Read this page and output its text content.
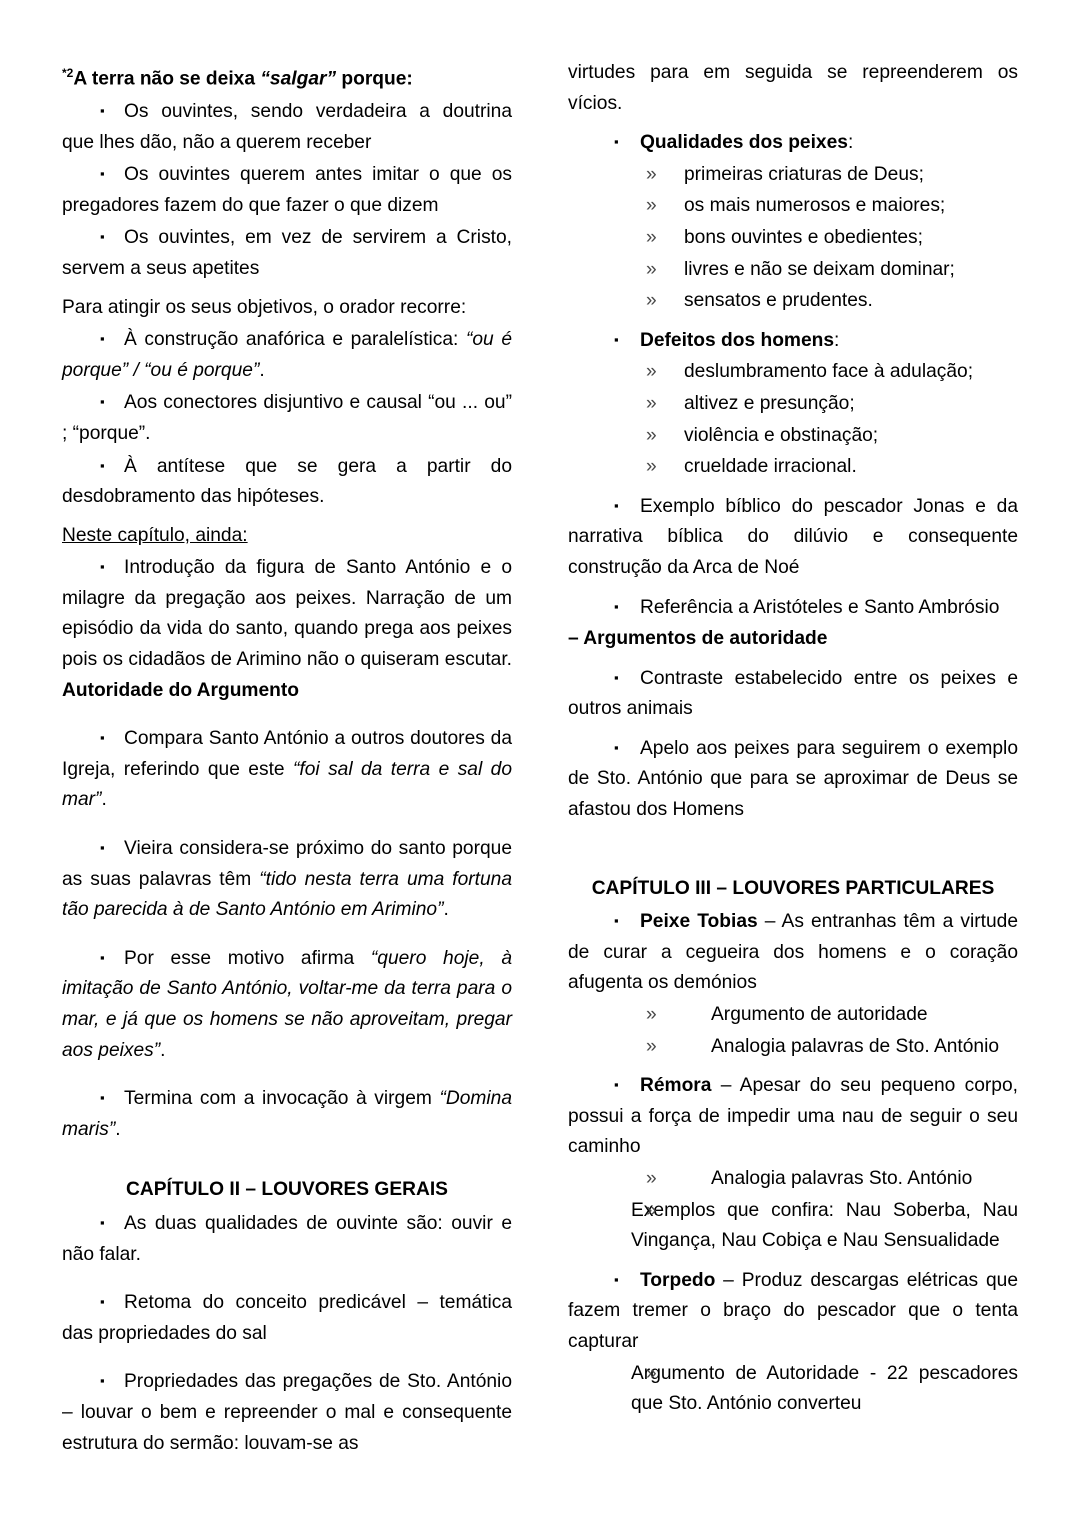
$^{*2}$A terra não se deixa “salgar” porque:
▪Os ouvintes, sendo verdadeira a doutrina que lhes dão, não a querem receber
▪Os ouvintes querem antes imitar o que os pregadores fazem do que fazer o que dizem
▪Os ouvintes, em vez de servirem a Cristo, servem a seus apetites
Para atingir os seus objetivos, o orador recorre:
▪À construção anafórica e paralelística: “ou é porque” / “ou é porque”.
▪Aos conectores disjuntivo e causal “ou ... ou” ; “porque”.
▪À antítese que se gera a partir do desdobramento das hipóteses.
Neste capítulo, ainda:
▪Introdução da figura de Santo António e o milagre da pregação aos peixes. Narração de um episódio da vida do santo, quando prega aos peixes pois os cidadãos de Arimino não o quiseram escutar. Autoridade do Argumento
▪Compara Santo António a outros doutores da Igreja, referindo que este “foi sal da terra e sal do mar”.
▪Vieira considera-se próximo do santo porque as suas palavras têm “tido nesta terra uma fortuna tão parecida à de Santo António em Arimino”.
▪Por esse motivo afirma “quero hoje, à imitação de Santo António, voltar-me da terra para o mar, e já que os homens se não aproveitam, pregar aos peixes”.
▪Termina com a invocação à virgem “Domina maris”.
CAPÍTULO II – LOUVORES GERAIS
▪As duas qualidades de ouvinte são: ouvir e não falar.
▪Retoma do conceito predicável – temática das propriedades do sal
▪Propriedades das pregações de Sto. António – louvar o bem e repreender o mal e consequente estrutura do sermão: louvam-se as
virtudes para em seguida se repreenderem os vícios.
▪Qualidades dos peixes:
»
primeiras criaturas de Deus;
»
os mais numerosos e maiores;
»
bons ouvintes e obedientes;
»
livres e não se deixam dominar;
»
sensatos e prudentes.
▪Defeitos dos homens:
»
deslumbramento face à adulação;
»
altivez e presunção;
»
violência e obstinação;
»
crueldade irracional.
▪Exemplo bíblico do pescador Jonas e da narrativa bíblica do dilúvio e consequente construção da Arca de Noé
▪Referência a Aristóteles e Santo Ambrósio
– Argumentos de autoridade
▪Contraste estabelecido entre os peixes e outros animais
▪Apelo aos peixes para seguirem o exemplo de Sto. António que para se aproximar de Deus se afastou dos Homens
CAPÍTULO III – LOUVORES PARTICULARES
▪Peixe Tobias – As entranhas têm a virtude de curar a cegueira dos homens e o coração afugenta os demónios
»
Argumento de autoridade
»
Analogia palavras de Sto. António
▪Rémora – Apesar do seu pequeno corpo, possui a força de impedir uma nau de seguir o seu caminho
»
Analogia palavras Sto. António
»
Exemplos que confira: Nau Soberba, Nau Vingança, Nau Cobiça e Nau Sensualidade
▪Torpedo – Produz descargas elétricas que fazem tremer o braço do pescador que o tenta capturar
»
Argumento de Autoridade - 22 pescadores que Sto. António converteu
